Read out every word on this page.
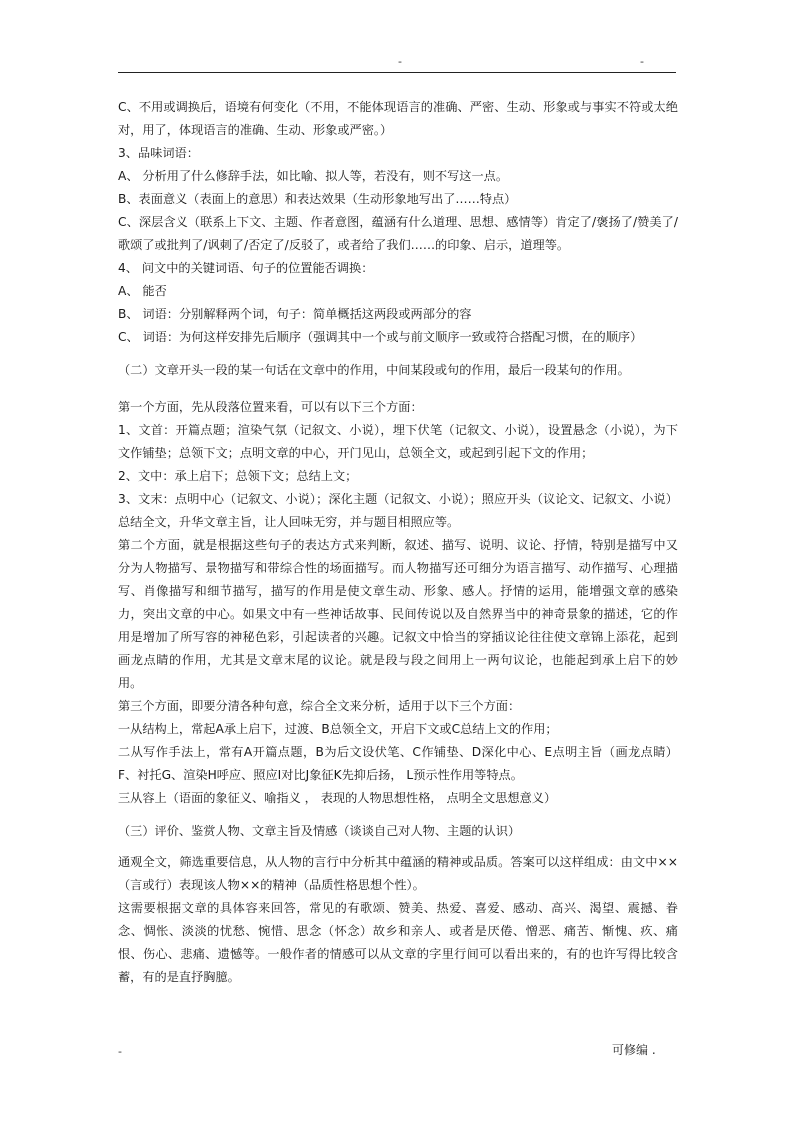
-	-

C、不用或调换后，语境有何变化（不用，不能体现语言的准确、严密、生动、形象或与事实不符或太绝对，用了，体现语言的准确、生动、形象或严密。）

3、品味词语：

A、 分析用了什么修辞手法，如比喻、拟人等，若没有，则不写这一点。

B、表面意义（表面上的意思）和表达效果（生动形象地写出了……特点）

C、深层含义（联系上下文、主题、作者意图，蕴涵有什么道理、思想、感情等）肯定了/褒扬了/赞美了/歌颂了或批判了/讽刺了/否定了/反驳了，或者给了我们……的印象、启示，道理等。

4、 问文中的关键词语、句子的位置能否调换：

A、 能否

B、 词语：分别解释两个词，句子：简单概括这两段或两部分的容

C、 词语：为何这样安排先后顺序（强调其中一个或与前文顺序一致或符合搭配习惯，在的顺序）

（二）文章开头一段的某一句话在文章中的作用，中间某段或句的作用，最后一段某句的作用。

第一个方面，先从段落位置来看，可以有以下三个方面：

1、文首：开篇点题；渲染气氛（记叙文、小说），埋下伏笔（记叙文、小说），设置悬念（小说），为下文作铺垫；总领下文；点明文章的中心，开门见山，总领全文，或起到引起下文的作用；

2、文中：承上启下；总领下文；总结上文；

3、文末：点明中心（记叙文、小说）；深化主题（记叙文、小说）；照应开头（议论文、记叙文、小说）总结全文，升华文章主旨，让人回味无穷，并与题目相照应等。

第二个方面，就是根据这些句子的表达方式来判断，叙述、描写、说明、议论、抒情，特别是描写中又分为人物描写、景物描写和带综合性的场面描写。而人物描写还可细分为语言描写、动作描写、心理描写、肖像描写和细节描写，描写的作用是使文章生动、形象、感人。抒情的运用，能增强文章的感染力，突出文章的中心。如果文中有一些神话故事、民间传说以及自然界当中的神奇景象的描述，它的作用是增加了所写容的神秘色彩，引起读者的兴趣。记叙文中恰当的穿插议论往往使文章锦上添花，起到画龙点睛的作用，尤其是文章末尾的议论。就是段与段之间用上一两句议论，也能起到承上启下的妙用。

第三个方面，即要分清各种句意，综合全文来分析，适用于以下三个方面：

一从结构上，常起A承上启下，过渡、B总领全文，开启下文或C总结上文的作用；

二从写作手法上，常有A开篇点题，B为后文设伏笔、C作铺垫、D深化中心、E点明主旨（画龙点睛）F、衬托G、渲染H呼应、照应I对比J象征K先抑后扬， L预示性作用等特点。

三从容上（语面的象征义、喻指义 ， 表现的人物思想性格， 点明全文思想意义）

（三）评价、鉴赏人物、文章主旨及情感（谈谈自己对人物、主题的认识）

通观全文，筛选重要信息，从人物的言行中分析其中蕴涵的精神或品质。答案可以这样组成：由文中××（言或行）表现该人物××的精神（品质性格思想个性）。

这需要根据文章的具体容来回答，常见的有歌颂、赞美、热爱、喜爱、感动、高兴、渴望、震撼、眷念、惆怅、淡淡的忧愁、惋惜、思念（怀念）故乡和亲人、或者是厌倦、憎恶、痛苦、惭愧、疚、痛恨、伤心、悲痛、遗憾等。一般作者的情感可以从文章的字里行间可以看出来的，有的也许写得比较含蓄，有的是直抒胸臆。

-	可修编 .
